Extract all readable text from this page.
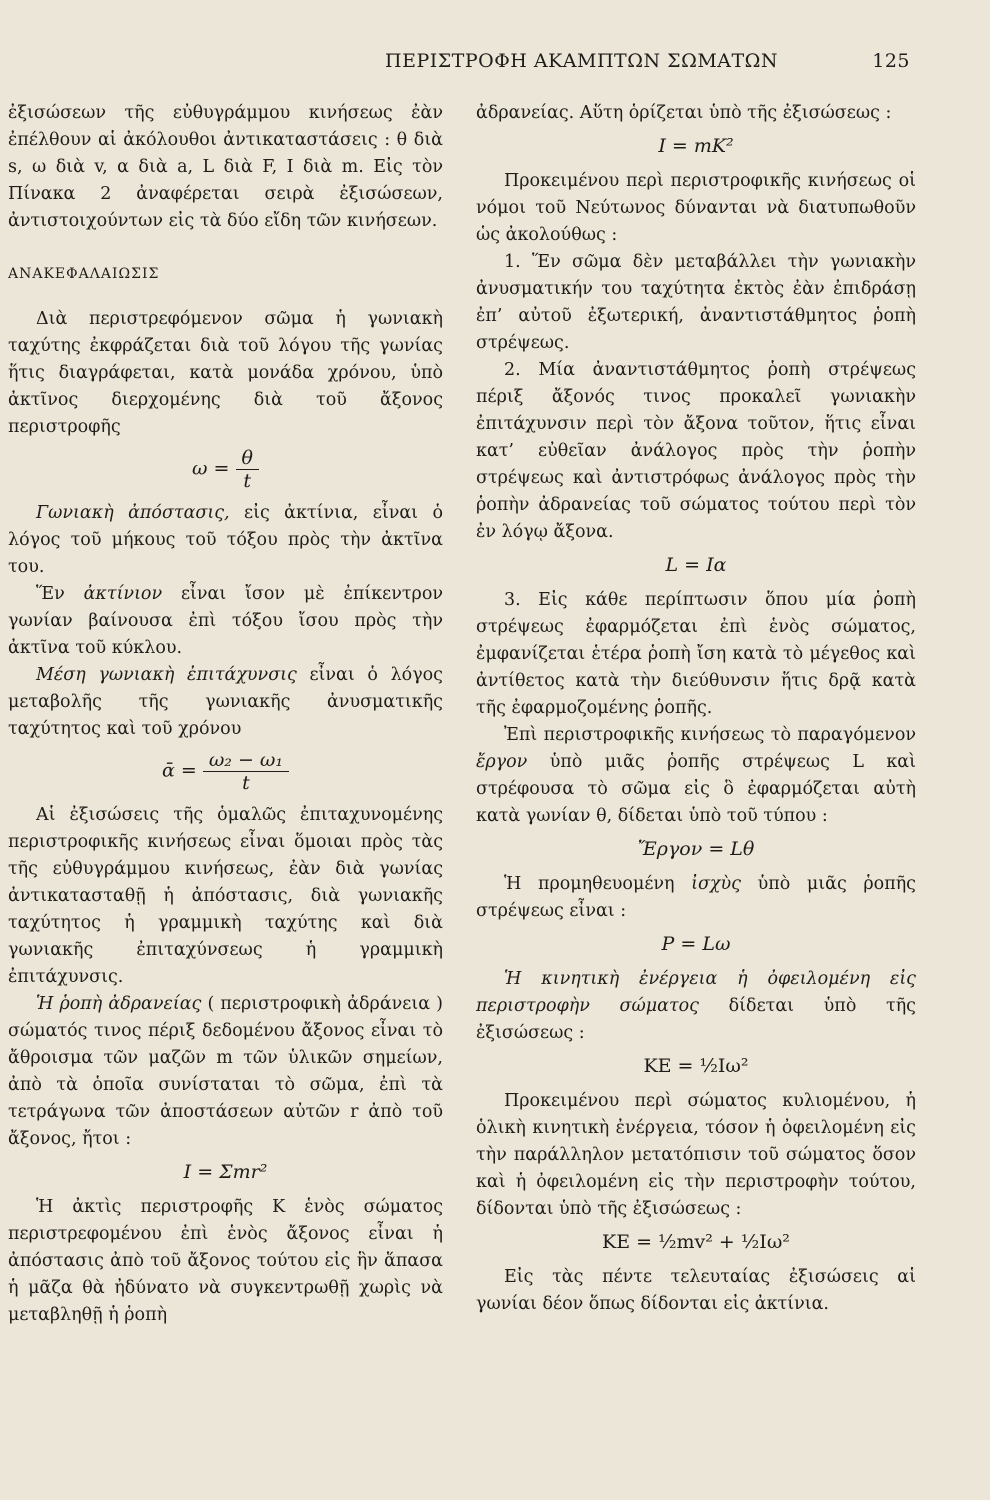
ΠΕΡΙΣΤΡΟΦΗ ΑΚΑΜΠΤΩΝ ΣΩΜΑΤΩΝ	125

ἐξισώσεων τῆς εὐθυγράμμου κινήσεως ἐὰν ἐπέλθουν αἱ ἀκόλουθοι ἀντικαταστάσεις : θ διὰ s, ω διὰ v, α διὰ a, L διὰ F, I διὰ m. Εἰς τὸν Πίνακα 2 ἀναφέρεται σειρὰ ἐξισώσεων, ἀντιστοιχούντων εἰς τὰ δύο εἴδη τῶν κινήσεων.

ΑΝΑΚΕΦΑΛΑΙΩΣΙΣ

Διὰ περιστρεφόμενον σῶμα ἡ γωνιακὴ ταχύτης ἐκφράζεται διὰ τοῦ λόγου τῆς γωνίας ἥτις διαγράφεται, κατὰ μονάδα χρόνου, ὑπὸ ἀκτῖνος διερχομένης διὰ τοῦ ἄξονος περιστροφῆς

$\omega = \frac{\theta}{t}$

Γωνιακὴ ἀπόστασις, εἰς ἀκτίνια, εἶναι ὁ λόγος τοῦ μήκους τοῦ τόξου πρὸς τὴν ἀκτῖνα του.

Ἕν ἀκτίνιον εἶναι ἴσον μὲ ἐπίκεντρον γωνίαν βαίνουσα ἐπὶ τόξου ἴσου πρὸς τὴν ἀκτῖνα τοῦ κύκλου.

Μέση γωνιακὴ ἐπιτάχυνσις εἶναι ὁ λόγος μεταβολῆς τῆς γωνιακῆς ἀνυσματικῆς ταχύτητος καὶ τοῦ χρόνου

ᾱ = $\frac{\text{ω₂ − ω₁}}{t}$

Αἱ ἐξισώσεις τῆς ὁμαλῶς ἐπιταχυνομένης περιστροφικῆς κινήσεως εἶναι ὅμοιαι πρὸς τὰς τῆς εὐθυγράμμου κινήσεως, ἐὰν διὰ γωνίας ἀντικατασταθῇ ἡ ἀπόστασις, διὰ γωνιακῆς ταχύτητος ἡ γραμμικὴ ταχύτης καὶ διὰ γωνιακῆς ἐπιταχύνσεως ἡ γραμμικὴ ἐπιτάχυνσις.

Ἡ ῥοπὴ ἀδρανείας ( περιστροφικὴ ἀδράνεια ) σώματός τινος πέριξ δεδομένου ἄξονος εἶναι τὸ ἄθροισμα τῶν μαζῶν m τῶν ὑλικῶν σημείων, ἀπὸ τὰ ὁποῖα συνίσταται τὸ σῶμα, ἐπὶ τὰ τετράγωνα τῶν ἀποστάσεων αὐτῶν r ἀπὸ τοῦ ἄξονος, ἤτοι :

I = Σmr²

Ἡ ἀκτὶς περιστροφῆς K ἑνὸς σώματος περιστρεφομένου ἐπὶ ἑνὸς ἄξονος εἶναι ἡ ἀπόστασις ἀπὸ τοῦ ἄξονος τούτου εἰς ἣν ἅπασα ἡ μᾶζα θὰ ἠδύνατο νὰ συγκεντρωθῇ χωρὶς νὰ μεταβληθῇ ἡ ῥοπὴ

ἀδρανείας. Αὕτη ὁρίζεται ὑπὸ τῆς ἐξισώσεως :

I = mK²

Προκειμένου περὶ περιστροφικῆς κινήσεως οἱ νόμοι τοῦ Νεύτωνος δύνανται νὰ διατυπωθοῦν ὡς ἀκολούθως :

1. Ἕν σῶμα δὲν μεταβάλλει τὴν γωνιακὴν ἀνυσματικήν του ταχύτητα ἐκτὸς ἐὰν ἐπιδράσῃ ἐπ’ αὐτοῦ ἐξωτερική, ἀναντιστάθμητος ῥοπὴ στρέψεως.

2. Μία ἀναντιστάθμητος ῥοπὴ στρέψεως πέριξ ἄξονός τινος προκαλεῖ γωνιακὴν ἐπιτάχυνσιν περὶ τὸν ἄξονα τοῦτον, ἥτις εἶναι κατ’ εὐθεῖαν ἀνάλογος πρὸς τὴν ῥοπὴν στρέψεως καὶ ἀντιστρόφως ἀνάλογος πρὸς τὴν ῥοπὴν ἀδρανείας τοῦ σώματος τούτου περὶ τὸν ἐν λόγῳ ἄξονα.

L = Iα

3. Εἰς κάθε περίπτωσιν ὅπου μία ῥοπὴ στρέψεως ἐφαρμόζεται ἐπὶ ἑνὸς σώματος, ἐμφανίζεται ἑτέρα ῥοπὴ ἴση κατὰ τὸ μέγεθος καὶ ἀντίθετος κατὰ τὴν διεύθυνσιν ἥτις δρᾷ κατὰ τῆς ἐφαρμοζομένης ῥοπῆς.

Ἐπὶ περιστροφικῆς κινήσεως τὸ παραγόμενον ἔργον ὑπὸ μιᾶς ῥοπῆς στρέψεως L καὶ στρέφουσα τὸ σῶμα εἰς ὃ ἐφαρμόζεται αὐτὴ κατὰ γωνίαν θ, δίδεται ὑπὸ τοῦ τύπου :

Ἔργον = Lθ

Ἡ προμηθευομένη ἰσχὺς ὑπὸ μιᾶς ῥοπῆς στρέψεως εἶναι :

P = Lω

Ἡ κινητικὴ ἐνέργεια ἡ ὀφειλομένη εἰς περιστροφὴν σώματος δίδεται ὑπὸ τῆς ἐξισώσεως :

KE = ½Iω²

Προκειμένου περὶ σώματος κυλιομένου, ἡ ὁλικὴ κινητικὴ ἐνέργεια, τόσον ἡ ὀφειλομένη εἰς τὴν παράλληλον μετατόπισιν τοῦ σώματος ὅσον καὶ ἡ ὀφειλομένη εἰς τὴν περιστροφὴν τούτου, δίδονται ὑπὸ τῆς ἐξισώσεως :

KE = ½mv² + ½Iω²

Εἰς τὰς πέντε τελευταίας ἐξισώσεις αἱ γωνίαι δέον ὅπως δίδονται εἰς ἀκτίνια.
